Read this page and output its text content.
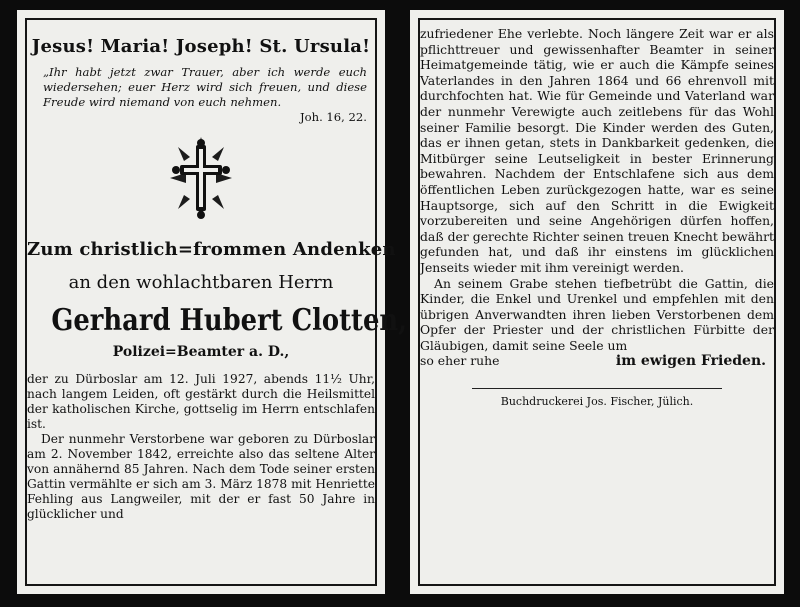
Jesus! Maria! Joseph! St. Ursula!
„Ihr habt jetzt zwar Trauer, aber ich werde euch wiedersehen; euer Herz wird sich freuen, und diese Freude wird niemand von euch nehmen.
Joh. 16, 22.
Zum christlich=frommen Andenken
an den wohlachtbaren Herrn
Gerhard Hubert Clotten,
Polizei=Beamter a. D.,

der zu Dürboslar am 12. Juli 1927, abends 11½ Uhr, nach langem Leiden, oft gestärkt durch die Heilsmittel der katholischen Kirche, gottselig im Herrn entschlafen ist.

Der nunmehr Verstorbene war geboren zu Dürboslar am 2. November 1842, erreichte also das seltene Alter von annähernd 85 Jahren. Nach dem Tode seiner ersten Gattin vermählte er sich am 3. März 1878 mit Henriette Fehling aus Langweiler, mit der er fast 50 Jahre in glücklicher und

zufriedener Ehe verlebte. Noch längere Zeit war er als pflichttreuer und gewissenhafter Beamter in seiner Heimatgemeinde tätig, wie er auch die Kämpfe seines Vaterlandes in den Jahren 1864 und 66 ehrenvoll mit durchfochten hat. Wie für Gemeinde und Vaterland war der nunmehr Verewigte auch zeitlebens für das Wohl seiner Familie besorgt. Die Kinder werden des Guten, das er ihnen getan, stets in Dankbarkeit gedenken, die Mitbürger seine Leutseligkeit in bester Erinnerung bewahren. Nachdem der Entschlafene sich aus dem öffentlichen Leben zurückgezogen hatte, war es seine Hauptsorge, sich auf den Schritt in die Ewigkeit vorzubereiten und seine Angehörigen dürfen hoffen, daß der gerechte Richter seinen treuen Knecht bewährt gefunden hat, und daß ihr einstens im glücklichen Jenseits wieder mit ihm vereinigt werden.

An seinem Grabe stehen tiefbetrübt die Gattin, die Kinder, die Enkel und Urenkel und empfehlen mit den übrigen Anverwandten ihren lieben Verstorbenen dem Opfer der Priester und der christlichen Fürbitte der Gläubigen, damit seine Seele um

so eher ruhe	im ewigen Frieden.
Buchdruckerei Jos. Fischer, Jülich.
